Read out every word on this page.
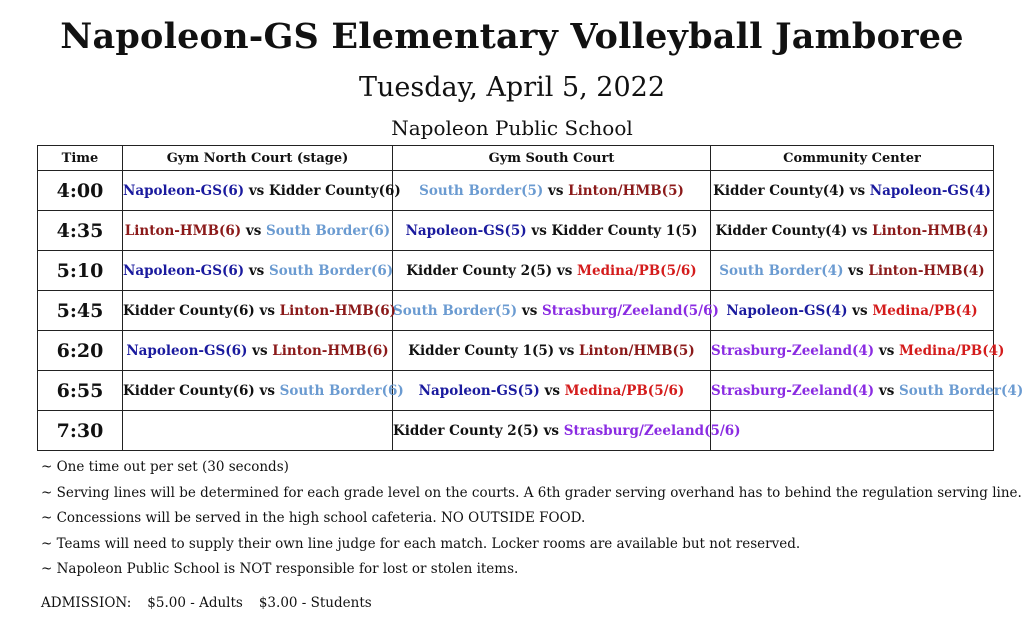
Napoleon-GS Elementary Volleyball Jamboree
Tuesday, April 5, 2022
Napoleon Public School
Time	Gym North Court (stage)	Gym South Court	Community Center
4:00	Napoleon-GS(6) vs Kidder County(6)	South Border(5) vs Linton/HMB(5)	Kidder County(4) vs Napoleon-GS(4)
4:35	Linton-HMB(6) vs South Border(6)	Napoleon-GS(5) vs Kidder County 1(5)	Kidder County(4) vs Linton-HMB(4)
5:10	Napoleon-GS(6) vs South Border(6)	Kidder County 2(5) vs Medina/PB(5/6)	South Border(4) vs Linton-HMB(4)
5:45	Kidder County(6) vs Linton-HMB(6)	South Border(5) vs Strasburg/Zeeland(5/6)	Napoleon-GS(4) vs Medina/PB(4)
6:20	Napoleon-GS(6) vs Linton-HMB(6)	Kidder County 1(5) vs Linton/HMB(5)	Strasburg-Zeeland(4) vs Medina/PB(4)
6:55	Kidder County(6) vs South Border(6)	Napoleon-GS(5) vs Medina/PB(5/6)	Strasburg-Zeeland(4) vs South Border(4)
7:30		Kidder County 2(5) vs Strasburg/Zeeland(5/6)	
~ One time out per set (30 seconds)
~ Serving lines will be determined for each grade level on the courts. A 6th grader serving overhand has to behind the regulation serving line.
~ Concessions will be served in the high school cafeteria. NO OUTSIDE FOOD.
~ Teams will need to supply their own line judge for each match. Locker rooms are available but not reserved.
~ Napoleon Public School is NOT responsible for lost or stolen items.
ADMISSION: $5.00 - Adults $3.00 - Students
